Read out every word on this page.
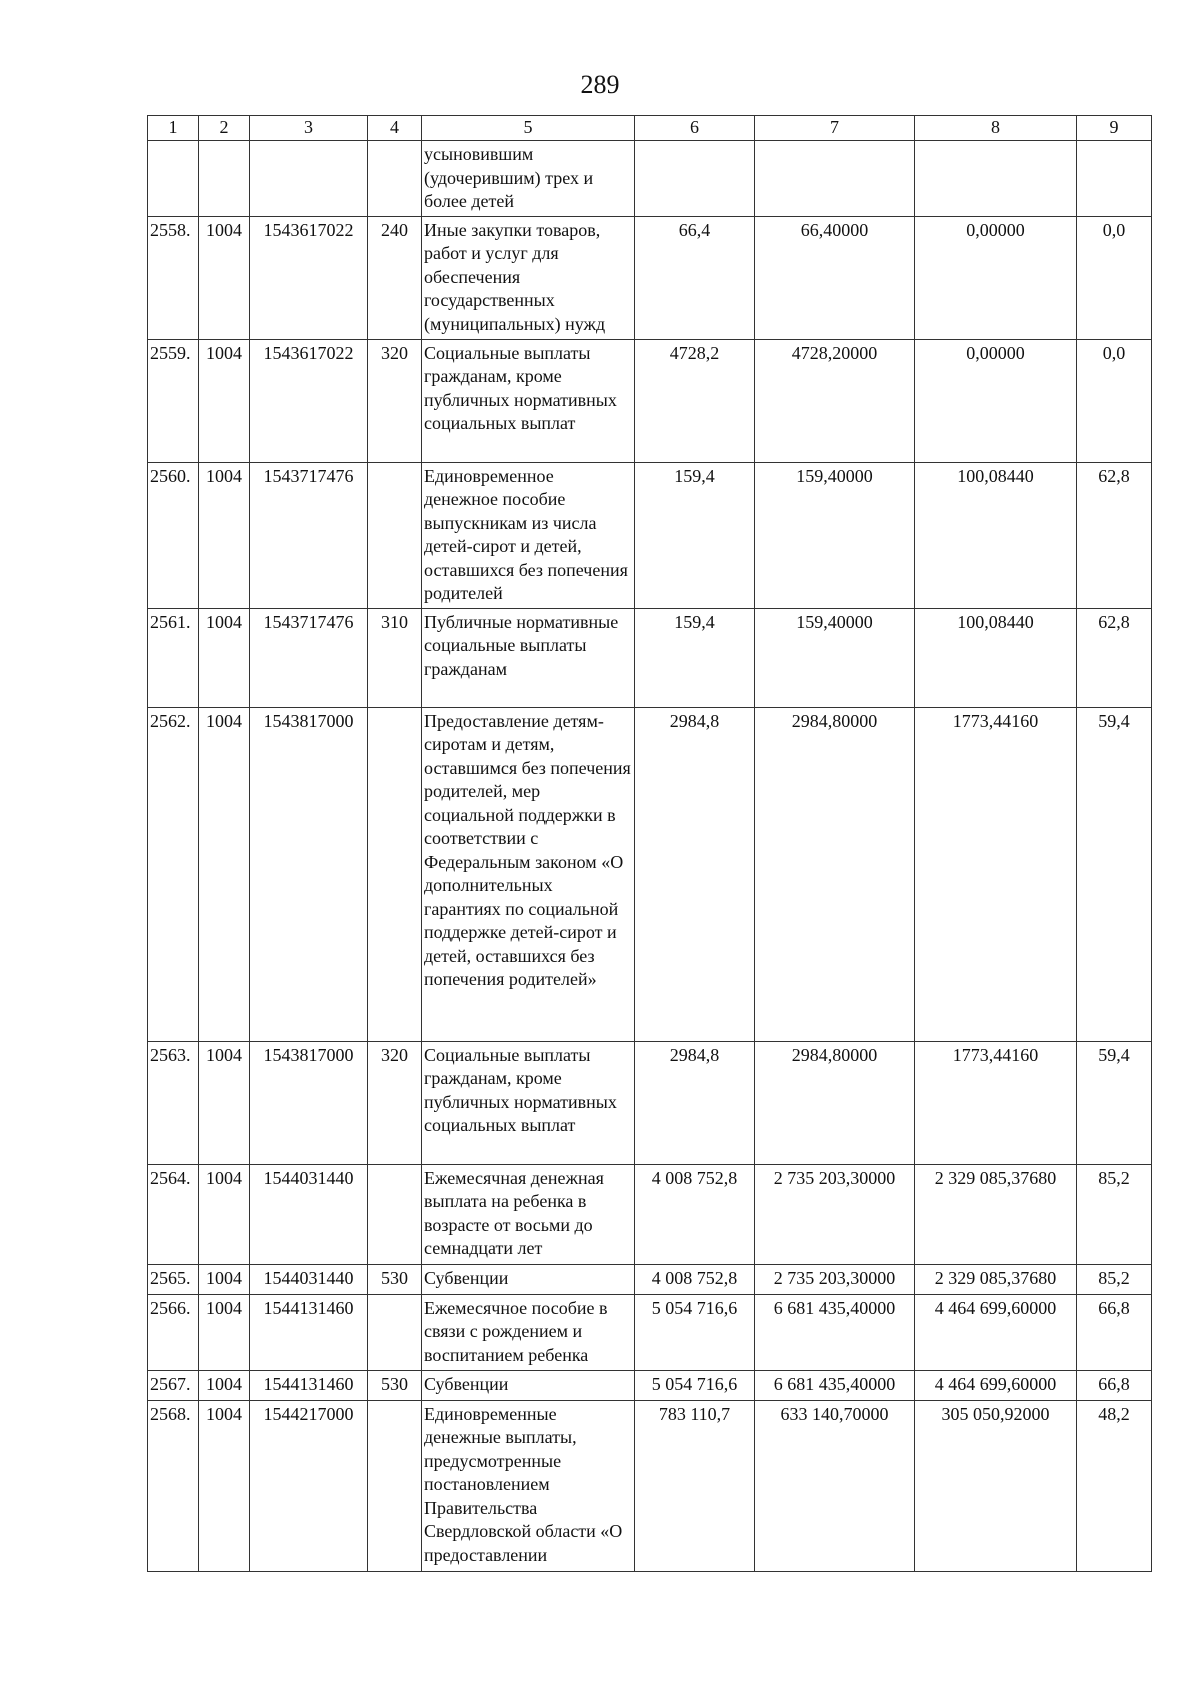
289
1	2	3	4	5	6	7	8	9
				усыновившим (удочерившим) трех и более детей				
2558.	1004	1543617022	240	Иные закупки товаров, работ и услуг для обеспечения государственных (муниципальных) нужд	66,4	66,40000	0,00000	0,0
2559.	1004	1543617022	320	Социальные выплаты гражданам, кроме публичных нормативных социальных выплат	4728,2	4728,20000	0,00000	0,0
2560.	1004	1543717476		Единовременное денежное пособие выпускникам из числа детей-сирот и детей, оставшихся без попечения родителей	159,4	159,40000	100,08440	62,8
2561.	1004	1543717476	310	Публичные нормативные социальные выплаты гражданам	159,4	159,40000	100,08440	62,8
2562.	1004	1543817000		Предоставление детям-сиротам и детям, оставшимся без попечения родителей, мер социальной поддержки в соответствии с Федеральным законом «О дополнительных гарантиях по социальной поддержке детей-сирот и детей, оставшихся без попечения родителей»	2984,8	2984,80000	1773,44160	59,4
2563.	1004	1543817000	320	Социальные выплаты гражданам, кроме публичных нормативных социальных выплат	2984,8	2984,80000	1773,44160	59,4
2564.	1004	1544031440		Ежемесячная денежная выплата на ребенка в возрасте от восьми до семнадцати лет	4 008 752,8	2 735 203,30000	2 329 085,37680	85,2
2565.	1004	1544031440	530	Субвенции	4 008 752,8	2 735 203,30000	2 329 085,37680	85,2
2566.	1004	1544131460		Ежемесячное пособие в связи с рождением и воспитанием ребенка	5 054 716,6	6 681 435,40000	4 464 699,60000	66,8
2567.	1004	1544131460	530	Субвенции	5 054 716,6	6 681 435,40000	4 464 699,60000	66,8
2568.	1004	1544217000		Единовременные денежные выплаты, предусмотренные постановлением Правительства Свердловской области «О предоставлении	783 110,7	633 140,70000	305 050,92000	48,2
